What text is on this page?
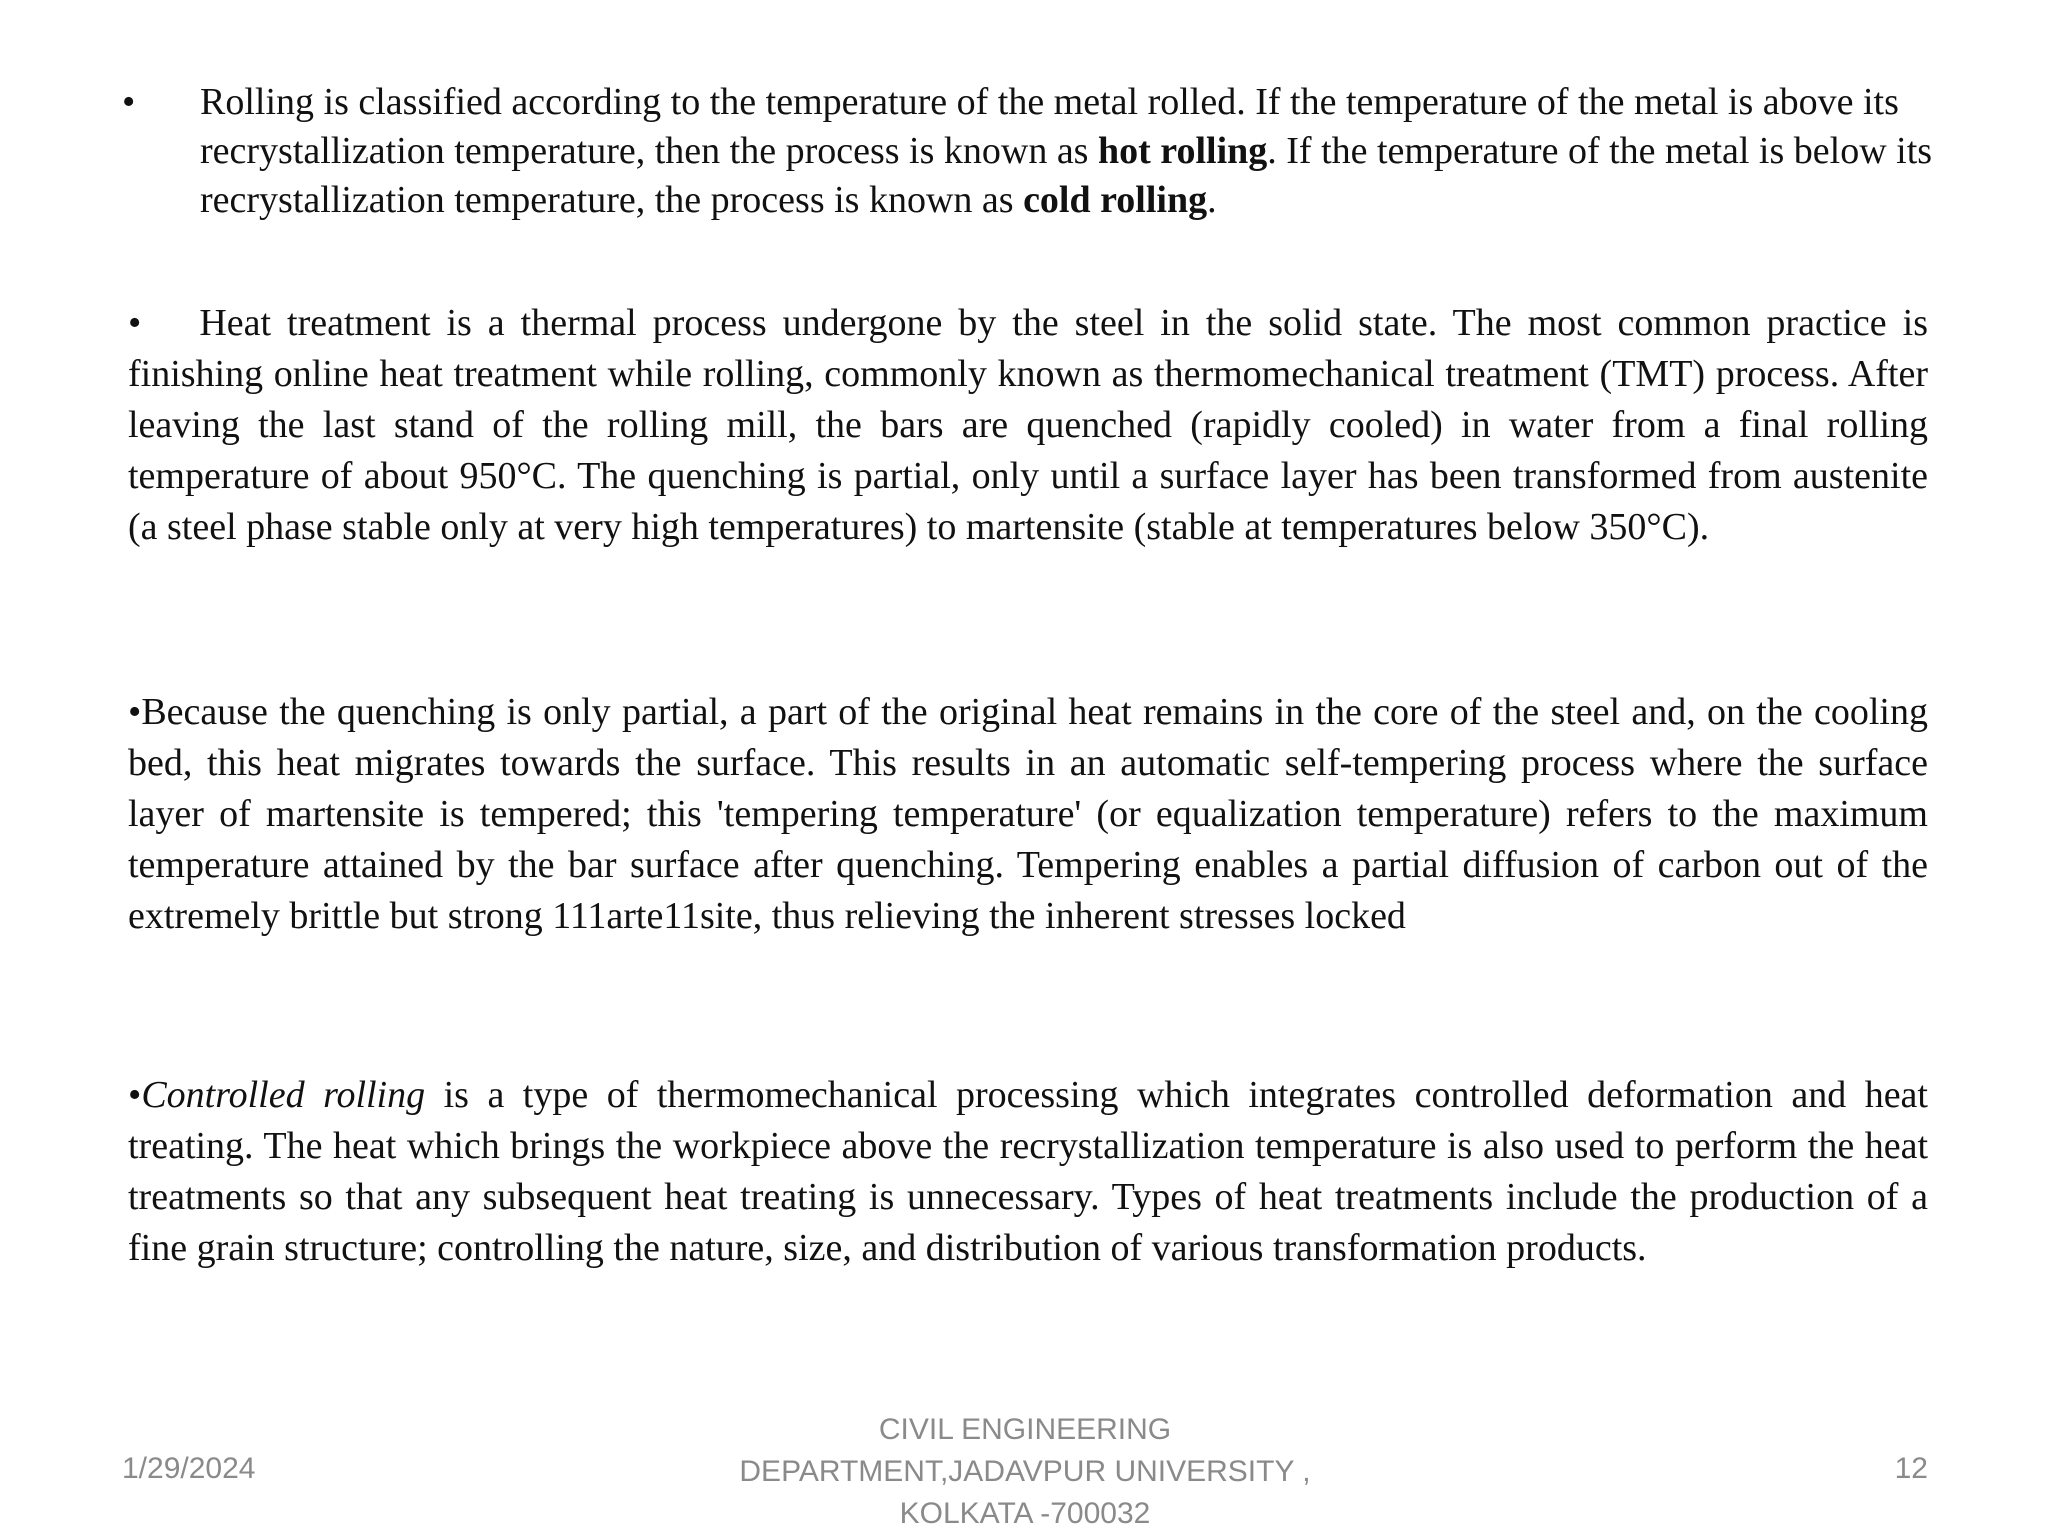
• Rolling is classified according to the temperature of the metal rolled. If the temperature of the metal is above its recrystallization temperature, then the process is known as hot rolling. If the temperature of the metal is below its recrystallization temperature, the process is known as cold rolling.
• Heat treatment is a thermal process undergone by the steel in the solid state. The most common practice is finishing online heat treatment while rolling, commonly known as thermomechanical treatment (TMT) process. After leaving the last stand of the rolling mill, the bars are quenched (rapidly cooled) in water from a final rolling temperature of about 950°C. The quenching is partial, only until a surface layer has been transformed from austenite (a steel phase stable only at very high temperatures) to martensite (stable at temperatures below 350°C).
•Because the quenching is only partial, a part of the original heat remains in the core of the steel and, on the cooling bed, this heat migrates towards the surface. This results in an automatic self-tempering process where the surface layer of martensite is tempered; this 'tempering temperature' (or equalization temperature) refers to the maximum temperature attained by the bar surface after quenching. Tempering enables a partial diffusion of carbon out of the extremely brittle but strong 111arte11site, thus relieving the inherent stresses locked
•Controlled rolling is a type of thermomechanical processing which integrates controlled deformation and heat treating. The heat which brings the workpiece above the recrystallization temperature is also used to perform the heat treatments so that any subsequent heat treating is unnecessary. Types of heat treatments include the production of a fine grain structure; controlling the nature, size, and distribution of various transformation products.
1/29/2024
CIVIL ENGINEERING
DEPARTMENT,JADAVPUR UNIVERSITY ,
KOLKATA -700032
12
